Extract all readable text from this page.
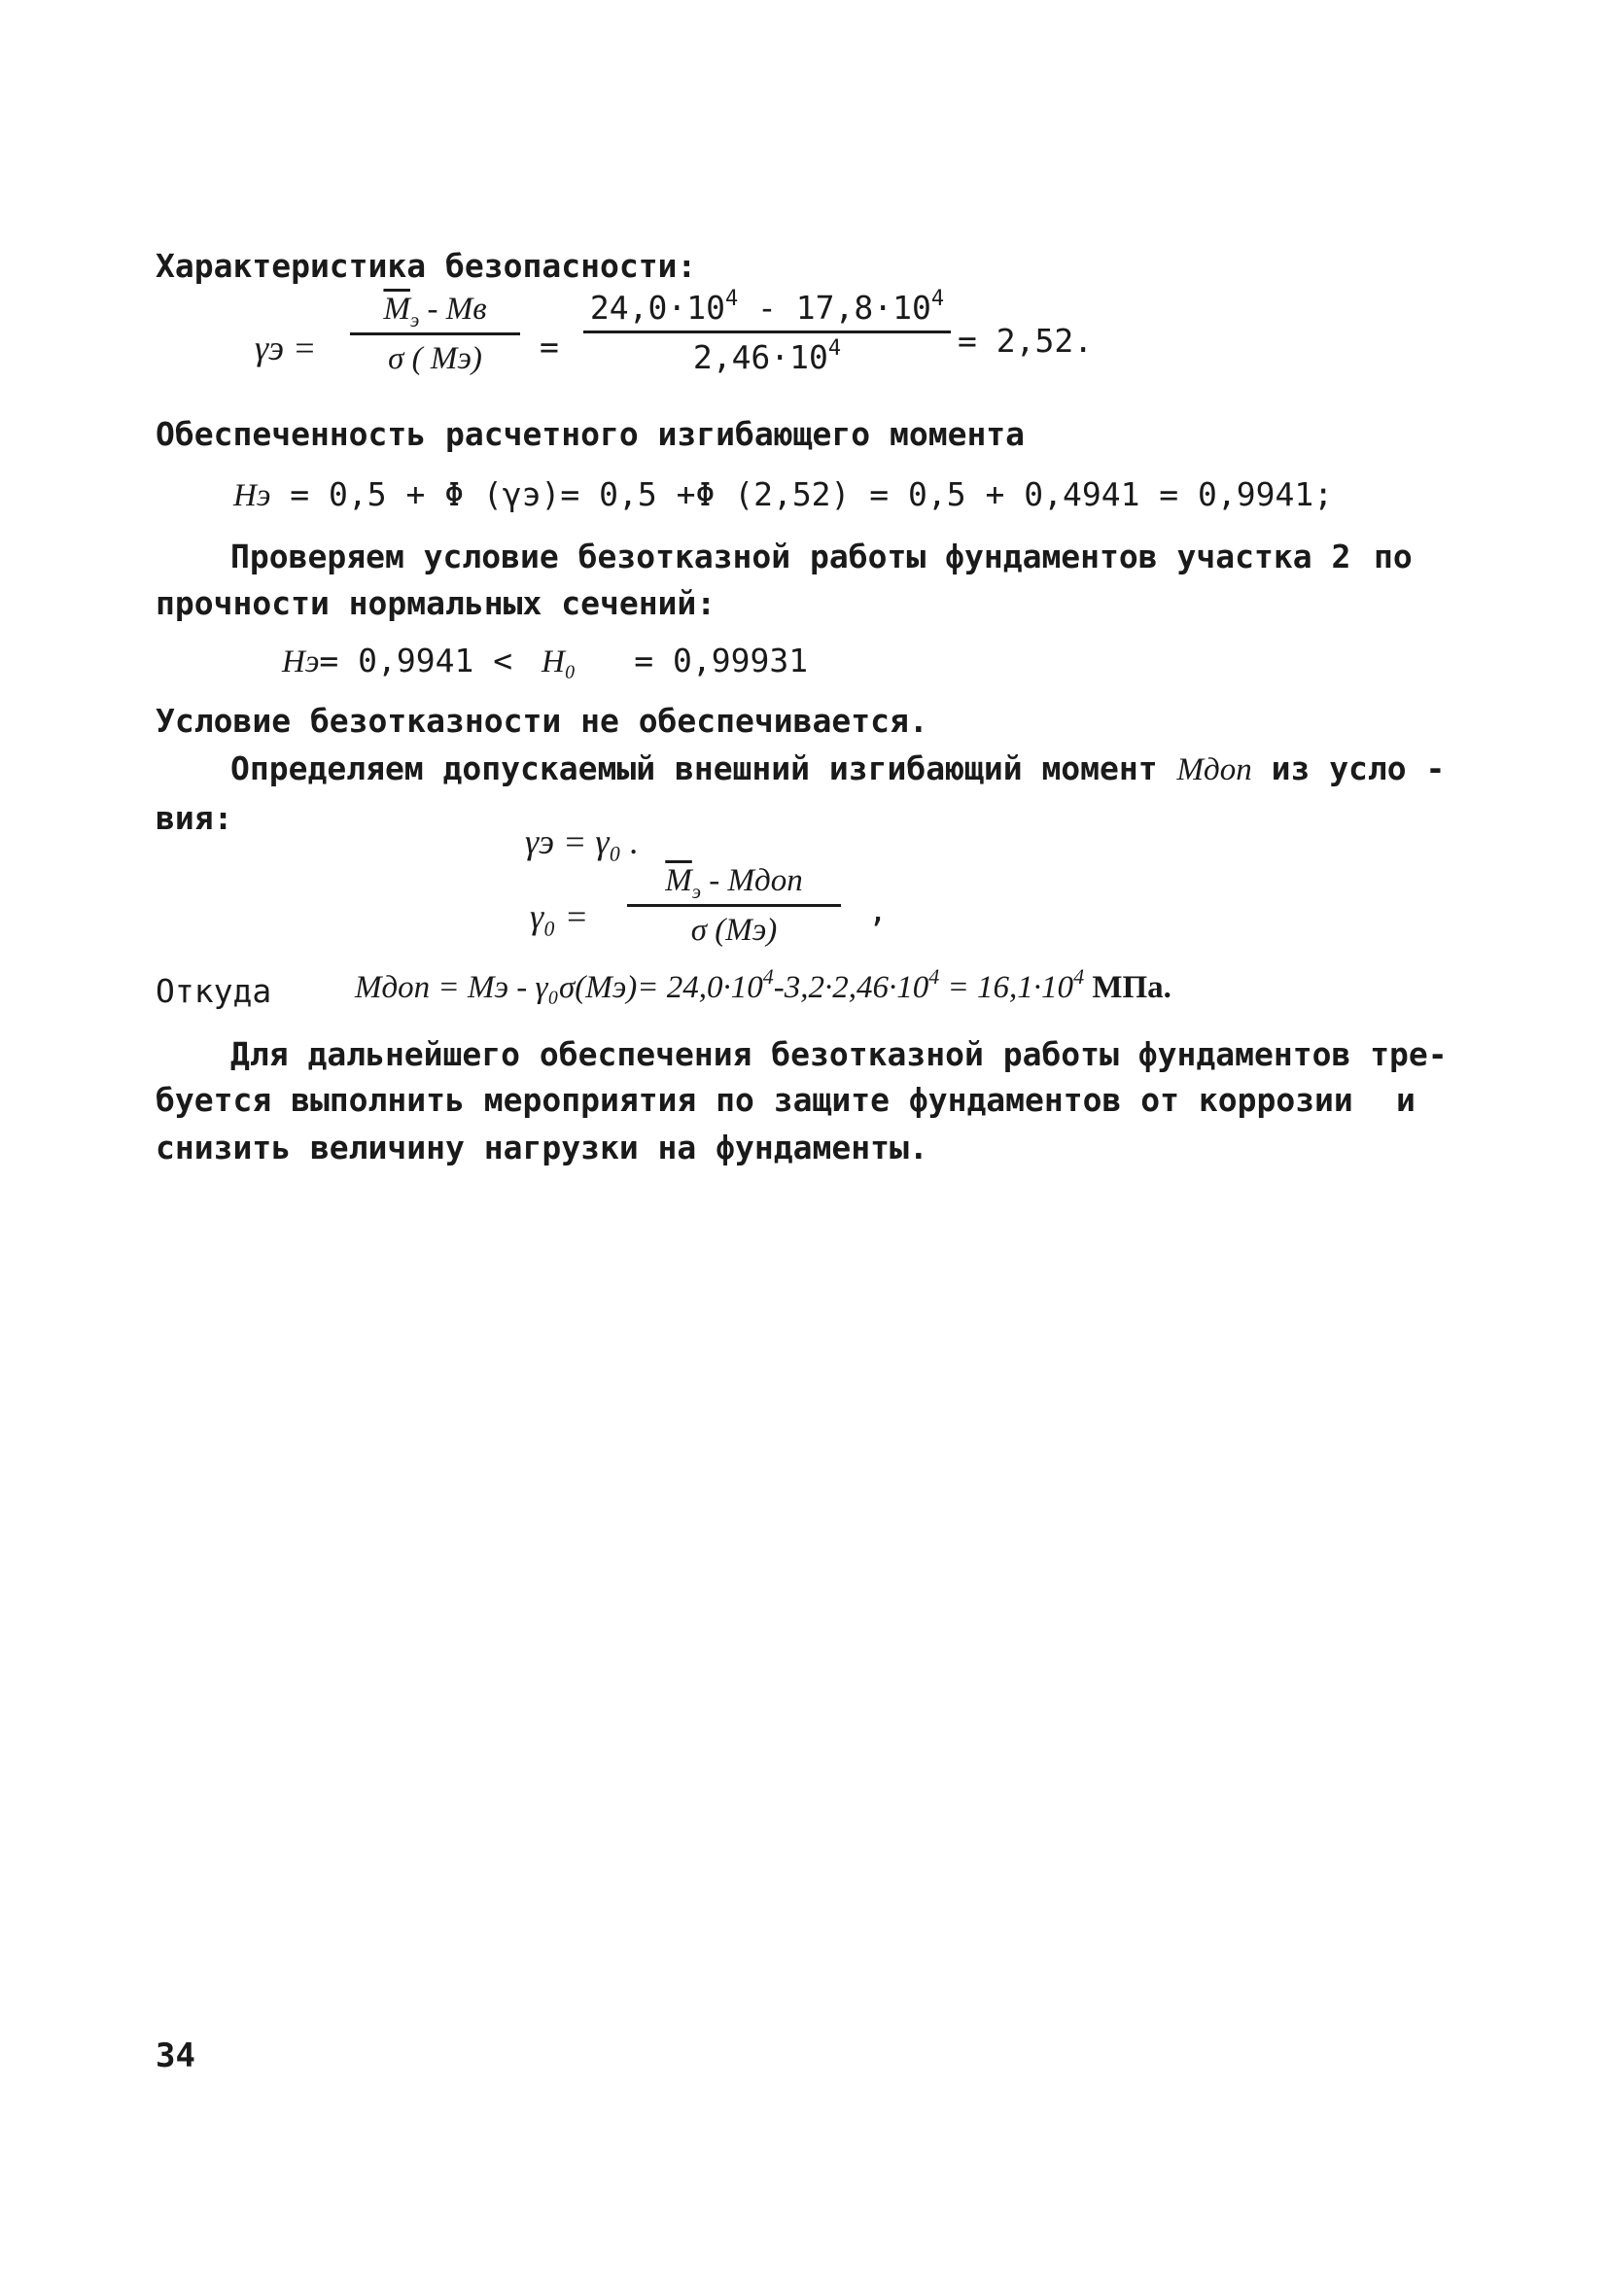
Характеристика безопасности:
γэ =
$\overline{M}_э$ - Mв
σ ( Mэ)	=
$24,0\cdot 10^4 - 17,8\cdot 10^4$
$2,46\cdot 10^4$	= 2,52.
Обеспеченность расчетного изгибающего момента
Hэ = 0,5 + Φ (γэ)= 0,5 +Φ (2,52) = 0,5 + 0,4941 = 0,9941;
Проверяем условие безотказной работы фундаментов участка 2 по
прочности нормальных сечений:
Hэ= 0,9941 < H₀ = 0,99931
Условие безотказности не обеспечивается.
Определяем допускаемый внешний изгибающий момент Mдоп из усло -
вия:
γэ = γ₀ .
γ₀ =
$\overline{M}_э$ - Mдоп
σ (Mэ)
,
Откуда	Mдоп = Mэ - $\gamma_0\sigma(Mэ)= 24,0\cdot 10^4-3,2\cdot 2,46\cdot 10^4 = 16,1\cdot 10^4$ МПа.
Для дальнейшего обеспечения безотказной работы фундаментов тре-
буется выполнить мероприятия по защите фундаментов от коррозии и
снизить величину нагрузки на фундаменты.
34
